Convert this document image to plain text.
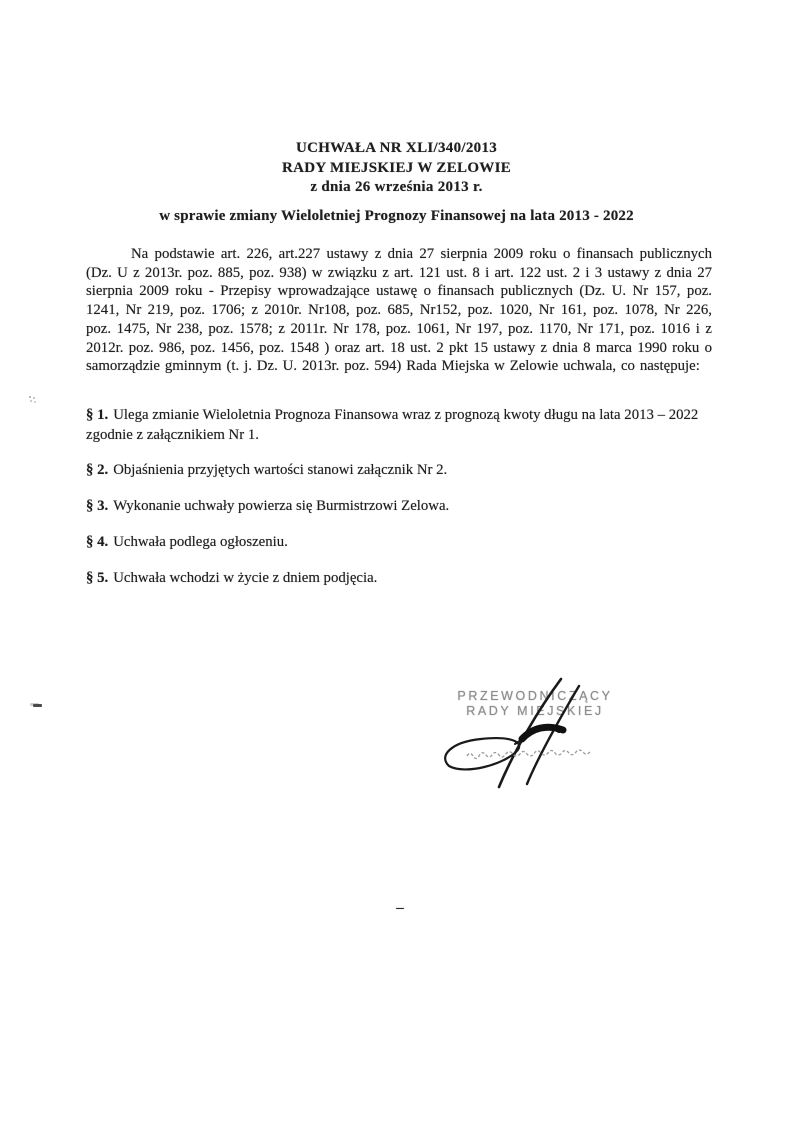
UCHWAŁA NR XLI/340/2013
RADY MIEJSKIEJ W ZELOWIE
z dnia 26 września 2013 r.
w sprawie zmiany Wieloletniej Prognozy Finansowej na lata 2013 - 2022

Na podstawie art. 226, art.227 ustawy z dnia 27 sierpnia 2009 roku o finansach publicznych (Dz. U z 2013r. poz. 885, poz. 938) w związku z art. 121 ust. 8 i art. 122 ust. 2 i 3 ustawy z dnia 27 sierpnia 2009 roku - Przepisy wprowadzające ustawę o finansach publicznych (Dz. U. Nr 157, poz. 1241, Nr 219, poz. 1706; z 2010r. Nr108, poz. 685, Nr152, poz. 1020, Nr 161, poz. 1078, Nr 226, poz. 1475, Nr 238, poz. 1578; z 2011r. Nr 178, poz. 1061, Nr 197, poz. 1170, Nr 171, poz. 1016 i z 2012r. poz. 986, poz. 1456, poz. 1548 ) oraz art. 18 ust. 2 pkt 15 ustawy z dnia 8 marca 1990 roku o samorządzie gminnym (t. j. Dz. U. 2013r. poz. 594) Rada Miejska w Zelowie uchwala, co następuje:

§ 1. Ulega zmianie Wieloletnia Prognoza Finansowa wraz z prognozą kwoty długu na lata 2013 – 2022 zgodnie z załącznikiem Nr 1.

§ 2. Objaśnienia przyjętych wartości stanowi załącznik Nr 2.

§ 3. Wykonanie uchwały powierza się Burmistrzowi Zelowa.

§ 4. Uchwała podlega ogłoszeniu.

§ 5. Uchwała wchodzi w życie z dniem podjęcia.

PRZEWODNICZĄCY
RADY MIEJSKIEJ
–
